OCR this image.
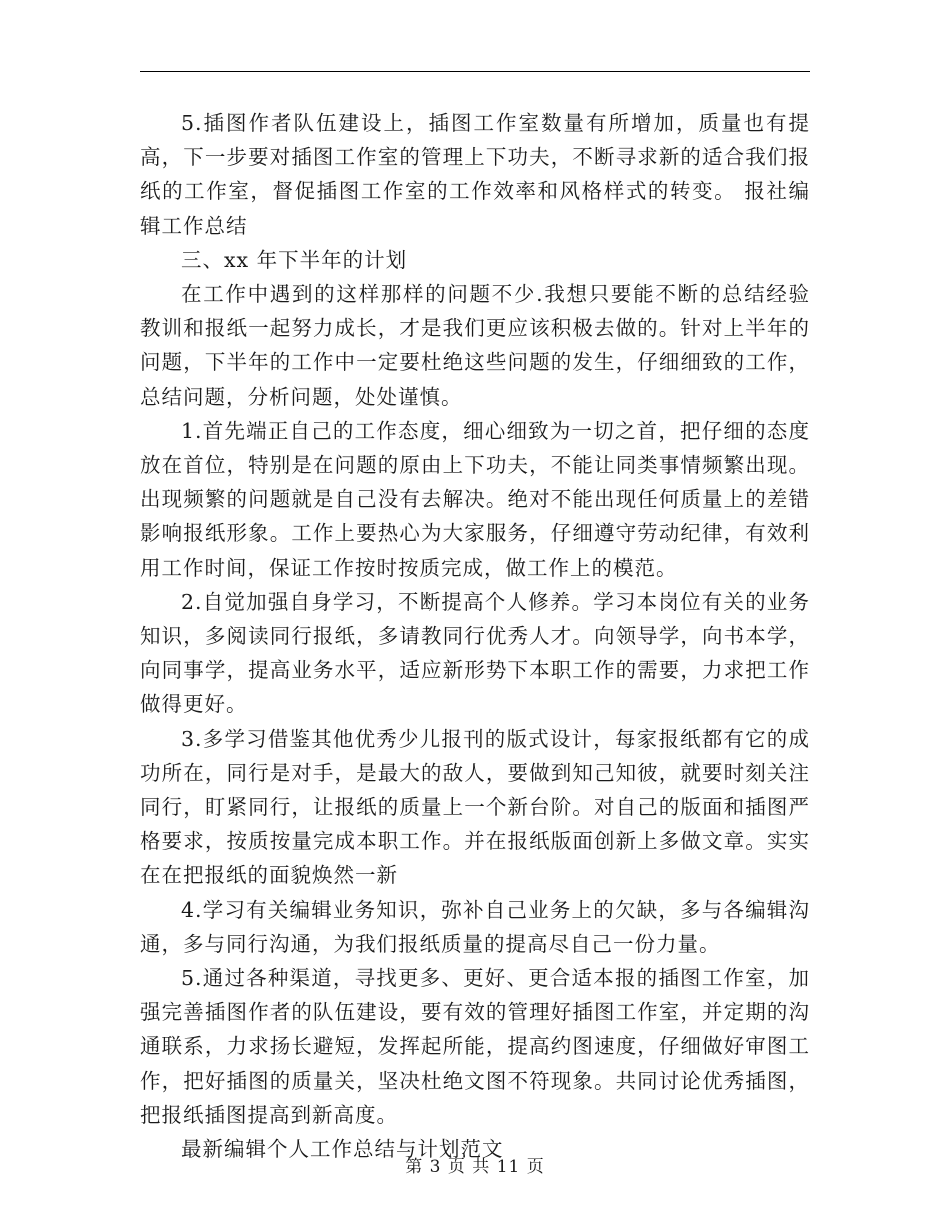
5.插图作者队伍建设上，插图工作室数量有所增加，质量也有提高，下一步要对插图工作室的管理上下功夫，不断寻求新的适合我们报纸的工作室，督促插图工作室的工作效率和风格样式的转变。 报社编辑工作总结

三、xx 年下半年的计划

在工作中遇到的这样那样的问题不少.我想只要能不断的总结经验教训和报纸一起努力成长，才是我们更应该积极去做的。针对上半年的问题，下半年的工作中一定要杜绝这些问题的发生，仔细细致的工作，总结问题，分析问题，处处谨慎。

1.首先端正自己的工作态度，细心细致为一切之首，把仔细的态度放在首位，特别是在问题的原由上下功夫，不能让同类事情频繁出现。出现频繁的问题就是自己没有去解决。绝对不能出现任何质量上的差错影响报纸形象。工作上要热心为大家服务，仔细遵守劳动纪律，有效利用工作时间，保证工作按时按质完成，做工作上的模范。

2.自觉加强自身学习，不断提高个人修养。学习本岗位有关的业务知识，多阅读同行报纸，多请教同行优秀人才。向领导学，向书本学，向同事学，提高业务水平，适应新形势下本职工作的需要，力求把工作做得更好。

3.多学习借鉴其他优秀少儿报刊的版式设计，每家报纸都有它的成功所在，同行是对手，是最大的敌人，要做到知己知彼，就要时刻关注同行，盯紧同行，让报纸的质量上一个新台阶。对自己的版面和插图严格要求，按质按量完成本职工作。并在报纸版面创新上多做文章。实实在在把报纸的面貌焕然一新

4.学习有关编辑业务知识，弥补自己业务上的欠缺，多与各编辑沟通，多与同行沟通，为我们报纸质量的提高尽自己一份力量。

5.通过各种渠道，寻找更多、更好、更合适本报的插图工作室，加强完善插图作者的队伍建设，要有效的管理好插图工作室，并定期的沟通联系，力求扬长避短，发挥起所能，提高约图速度，仔细做好审图工作，把好插图的质量关，坚决杜绝文图不符现象。共同讨论优秀插图，把报纸插图提高到新高度。

最新编辑个人工作总结与计划范文

第 3 页 共 11 页
